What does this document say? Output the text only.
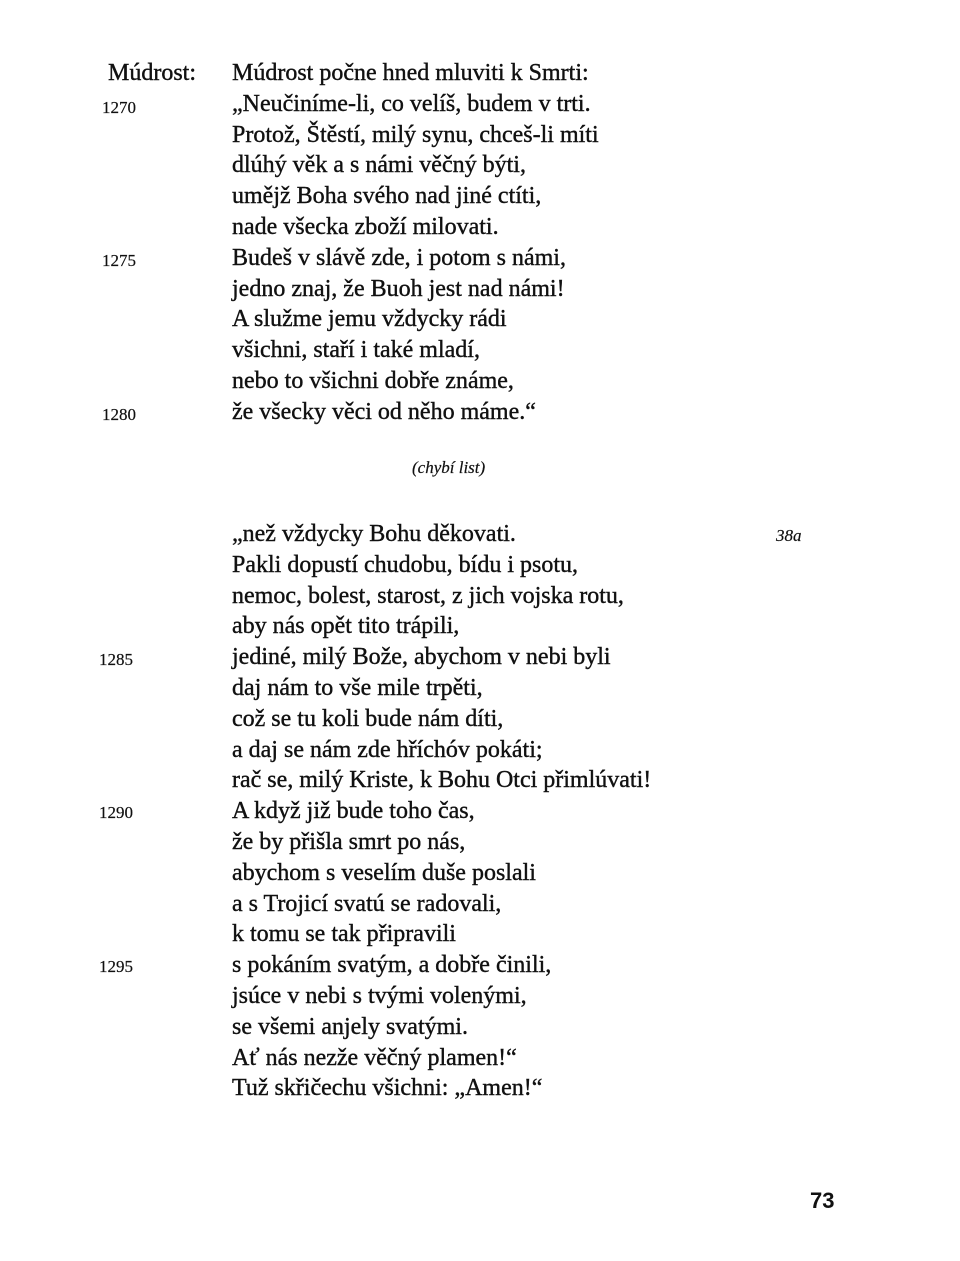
Múdrost: Múdrost počne hned mluviti k Smrti:
„Neučiníme-li, co velíš, budem v trti.
Protož, Štěstí, milý synu, chceš-li míti
dlúhý věk a s námi věčný býti,
umějž Boha svého nad jiné ctíti,
nade všecka zboží milovati.
Budeš v slávě zde, i potom s námi,
jedno znaj, že Buoh jest nad námi!
A služme jemu vždycky rádi
všichni, staří i také mladí,
nebo to všichni dobře známe,
že všecky věci od něho máme.“
1270
1275
1280
(chybí list)
„než vždycky Bohu děkovati.
Pakli dopustí chudobu, bídu i psotu,
nemoc, bolest, starost, z jich vojska rotu,
aby nás opět tito trápili,
jediné, milý Bože, abychom v nebi byli
daj nám to vše mile trpěti,
což se tu koli bude nám díti,
a daj se nám zde hříchóv pokáti;
rač se, milý Kriste, k Bohu Otci přimlúvati!
A když již bude toho čas,
že by přišla smrt po nás,
abychom s veselím duše poslali
a s Trojicí svatú se radovali,
k tomu se tak připravili
s pokáním svatým, a dobře činili,
jsúce v nebi s tvými volenými,
se všemi anjely svatými.
Ať nás nezže věčný plamen!“
Tuž skřičechu všichni: „Amen!“
38a
1285
1290
1295
73
